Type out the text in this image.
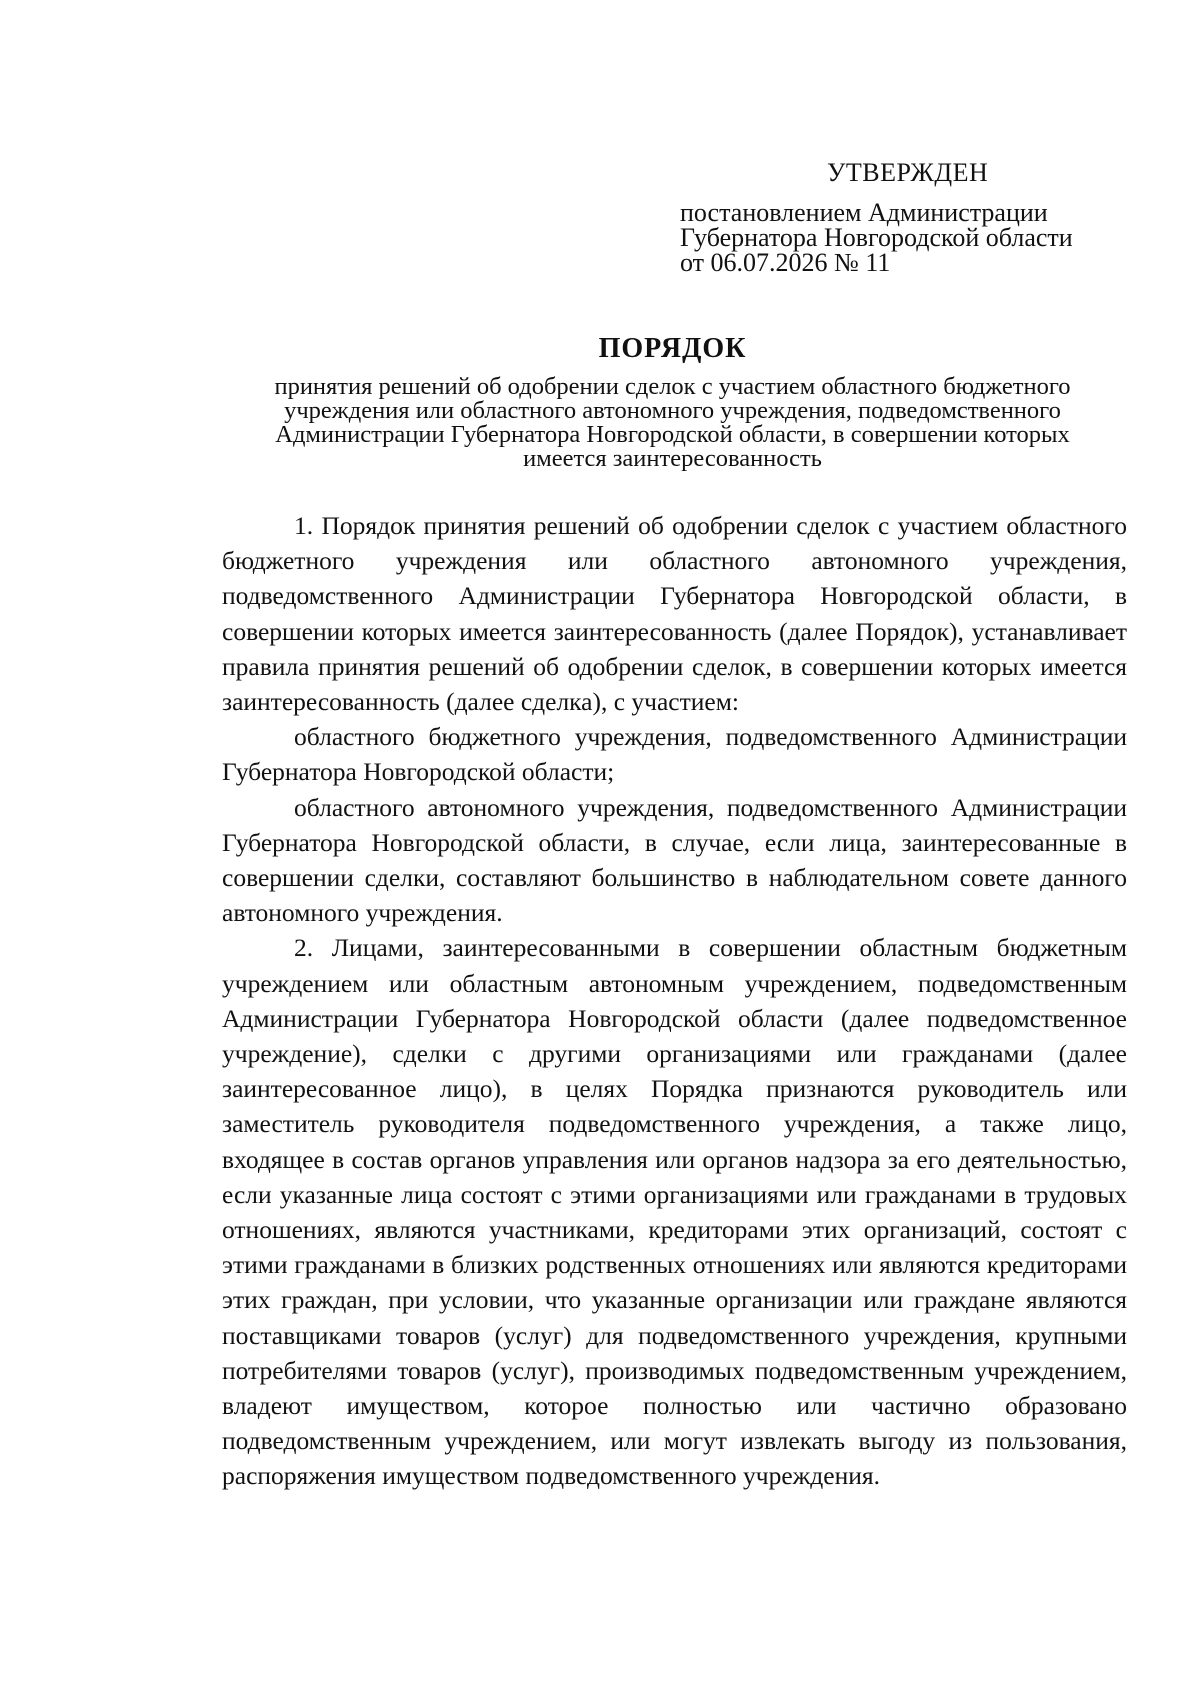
УТВЕРЖДЕН

постановлением Администрации

Губернатора Новгородской области

от 06.07.2026 № 11

ПОРЯДОК

принятия решений об одобрении сделок с участием областного бюджетного

учреждения или областного автономного учреждения, подведомственного

Администрации Губернатора Новгородской области, в совершении которых

имеется заинтересованность

1. Порядок принятия решений об одобрении сделок с участием областного бюджетного учреждения или областного автономного учреждения, подведомственного Администрации Губернатора Новгородской области, в совершении которых имеется заинтересованность (далее Порядок), устанавливает правила принятия решений об одобрении сделок, в совершении которых имеется заинтересованность (далее сделка), с участием:

областного бюджетного учреждения, подведомственного Администрации Губернатора Новгородской области;

областного автономного учреждения, подведомственного Администрации Губернатора Новгородской области, в случае, если лица, заинтересованные в совершении сделки, составляют большинство в наблюдательном совете данного автономного учреждения.

2. Лицами, заинтересованными в совершении областным бюджетным учреждением или областным автономным учреждением, подведомственным Администрации Губернатора Новгородской области (далее подведомственное учреждение), сделки с другими организациями или гражданами (далее заинтересованное лицо), в целях Порядка признаются руководитель или заместитель руководителя подведомственного учреждения, а также лицо, входящее в состав органов управления или органов надзора за его деятельностью, если указанные лица состоят с этими организациями или гражданами в трудовых отношениях, являются участниками, кредиторами этих организаций, состоят с этими гражданами в близких родственных отношениях или являются кредиторами этих граждан, при условии, что указанные организации или граждане являются поставщиками товаров (услуг) для подведомственного учреждения, крупными потребителями товаров (услуг), производимых подведомственным учреждением, владеют имуществом, которое полностью или частично образовано подведомственным учреждением, или могут извлекать выгоду из пользования, распоряжения имуществом подведомственного учреждения.
